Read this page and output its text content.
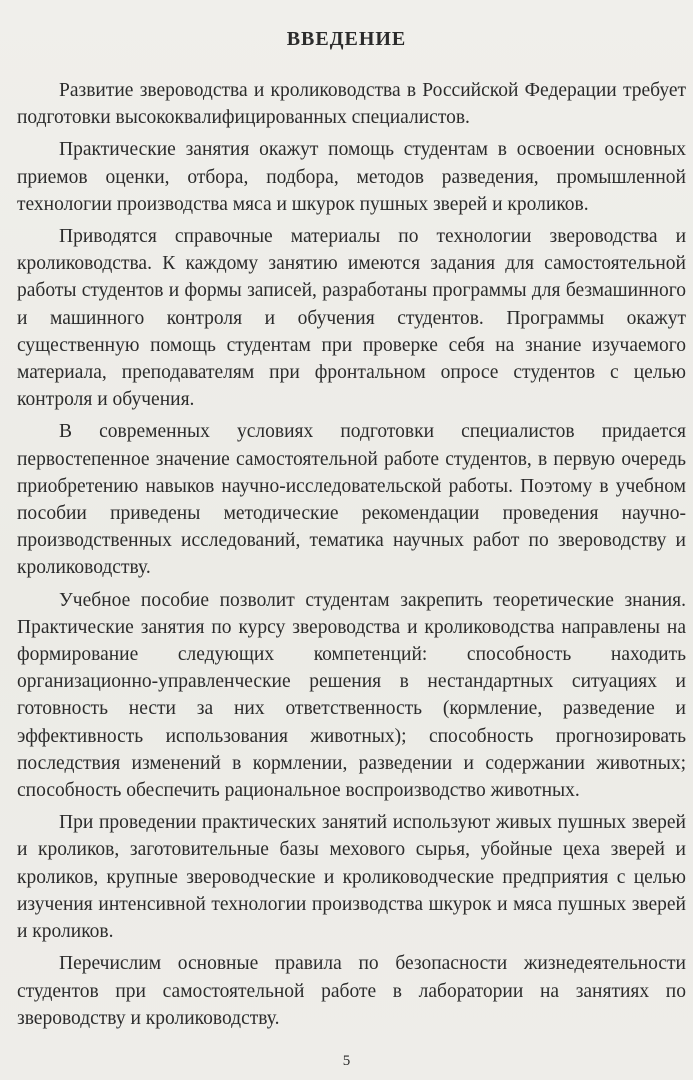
ВВЕДЕНИЕ

Развитие звероводства и кролиководства в Российской Федерации требует подготовки высококвалифицированных специалистов.

Практические занятия окажут помощь студентам в освоении основных приемов оценки, отбора, подбора, методов разведения, промышленной технологии производства мяса и шкурок пушных зверей и кроликов.

Приводятся справочные материалы по технологии звероводства и кролиководства. К каждому занятию имеются задания для самостоятельной работы студентов и формы записей, разработаны программы для безмашинного и машинного контроля и обучения студентов. Программы окажут существенную помощь студентам при проверке себя на знание изучаемого материала, преподавателям при фронтальном опросе студентов с целью контроля и обучения.

В современных условиях подготовки специалистов придается первостепенное значение самостоятельной работе студентов, в первую очередь приобретению навыков научно-исследовательской работы. Поэтому в учебном пособии приведены методические рекомендации проведения научно-производственных исследований, тематика научных работ по звероводству и кролиководству.

Учебное пособие позволит студентам закрепить теоретические знания. Практические занятия по курсу звероводства и кролиководства направлены на формирование следующих компетенций: способность находить организационно-управленческие решения в нестандартных ситуациях и готовность нести за них ответственность (кормление, разведение и эффективность использования животных); способность прогнозировать последствия изменений в кормлении, разведении и содержании животных; способность обеспечить рациональное воспроизводство животных.

При проведении практических занятий используют живых пушных зверей и кроликов, заготовительные базы мехового сырья, убойные цеха зверей и кроликов, крупные звероводческие и кролиководческие предприятия с целью изучения интенсивной технологии производства шкурок и мяса пушных зверей и кроликов.

Перечислим основные правила по безопасности жизнедеятельности студентов при самостоятельной работе в лаборатории на занятиях по звероводству и кролиководству.

5
